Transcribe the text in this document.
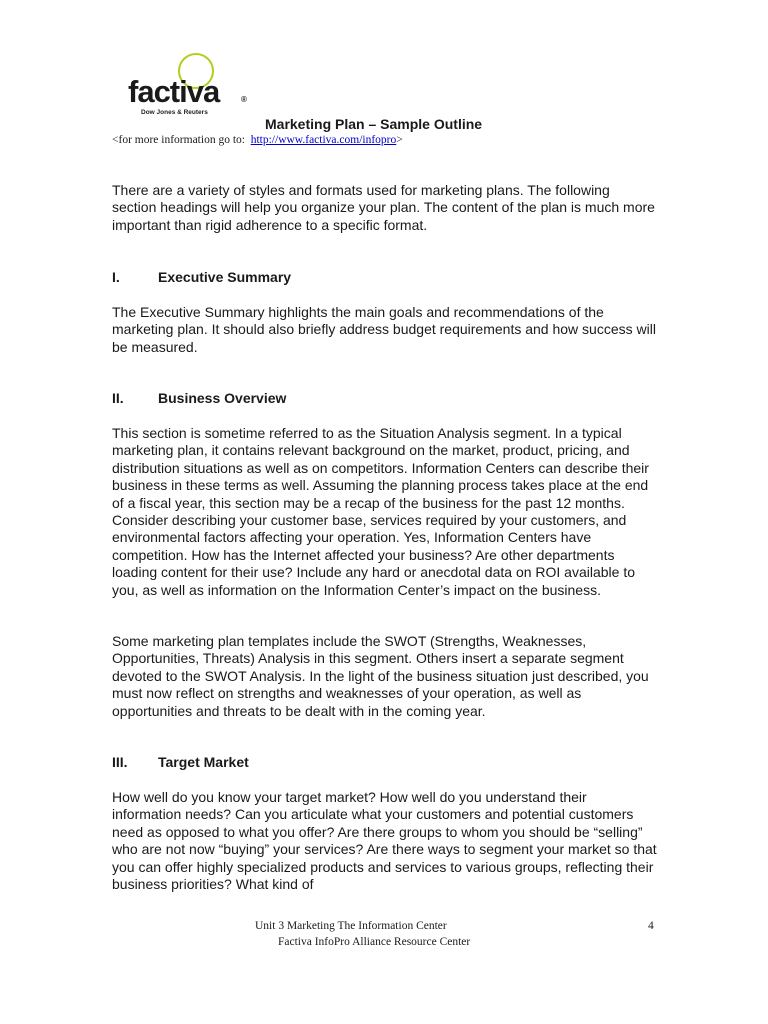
factiva	®
Dow Jones & Reuters
Marketing Plan – Sample Outline
<for more information go to: http://www.factiva.com/infopro>

There are a variety of styles and formats used for marketing plans. The following section headings will help you organize your plan. The content of the plan is much more important than rigid adherence to a specific format.

I.	Executive Summary

The Executive Summary highlights the main goals and recommendations of the marketing plan. It should also briefly address budget requirements and how success will be measured.

II. Business Overview

This section is sometime referred to as the Situation Analysis segment. In a typical marketing plan, it contains relevant background on the market, product, pricing, and distribution situations as well as on competitors. Information Centers can describe their business in these terms as well. Assuming the planning process takes place at the end of a fiscal year, this section may be a recap of the business for the past 12 months. Consider describing your customer base, services required by your customers, and environmental factors affecting your operation. Yes, Information Centers have competition. How has the Internet affected your business? Are other departments loading content for their use? Include any hard or anecdotal data on ROI available to you, as well as information on the Information Center’s impact on the business.

Some marketing plan templates include the SWOT (Strengths, Weaknesses, Opportunities, Threats) Analysis in this segment. Others insert a separate segment devoted to the SWOT Analysis. In the light of the business situation just described, you must now reflect on strengths and weaknesses of your operation, as well as opportunities and threats to be dealt with in the coming year.

III. Target Market

How well do you know your target market? How well do you understand their information needs? Can you articulate what your customers and potential customers need as opposed to what you offer? Are there groups to whom you should be “selling” who are not now “buying” your services? Are there ways to segment your market so that you can offer highly specialized products and services to various groups, reflecting their business priorities? What kind of

Unit 3 Marketing The Information Center	4
Factiva InfoPro Alliance Resource Center
